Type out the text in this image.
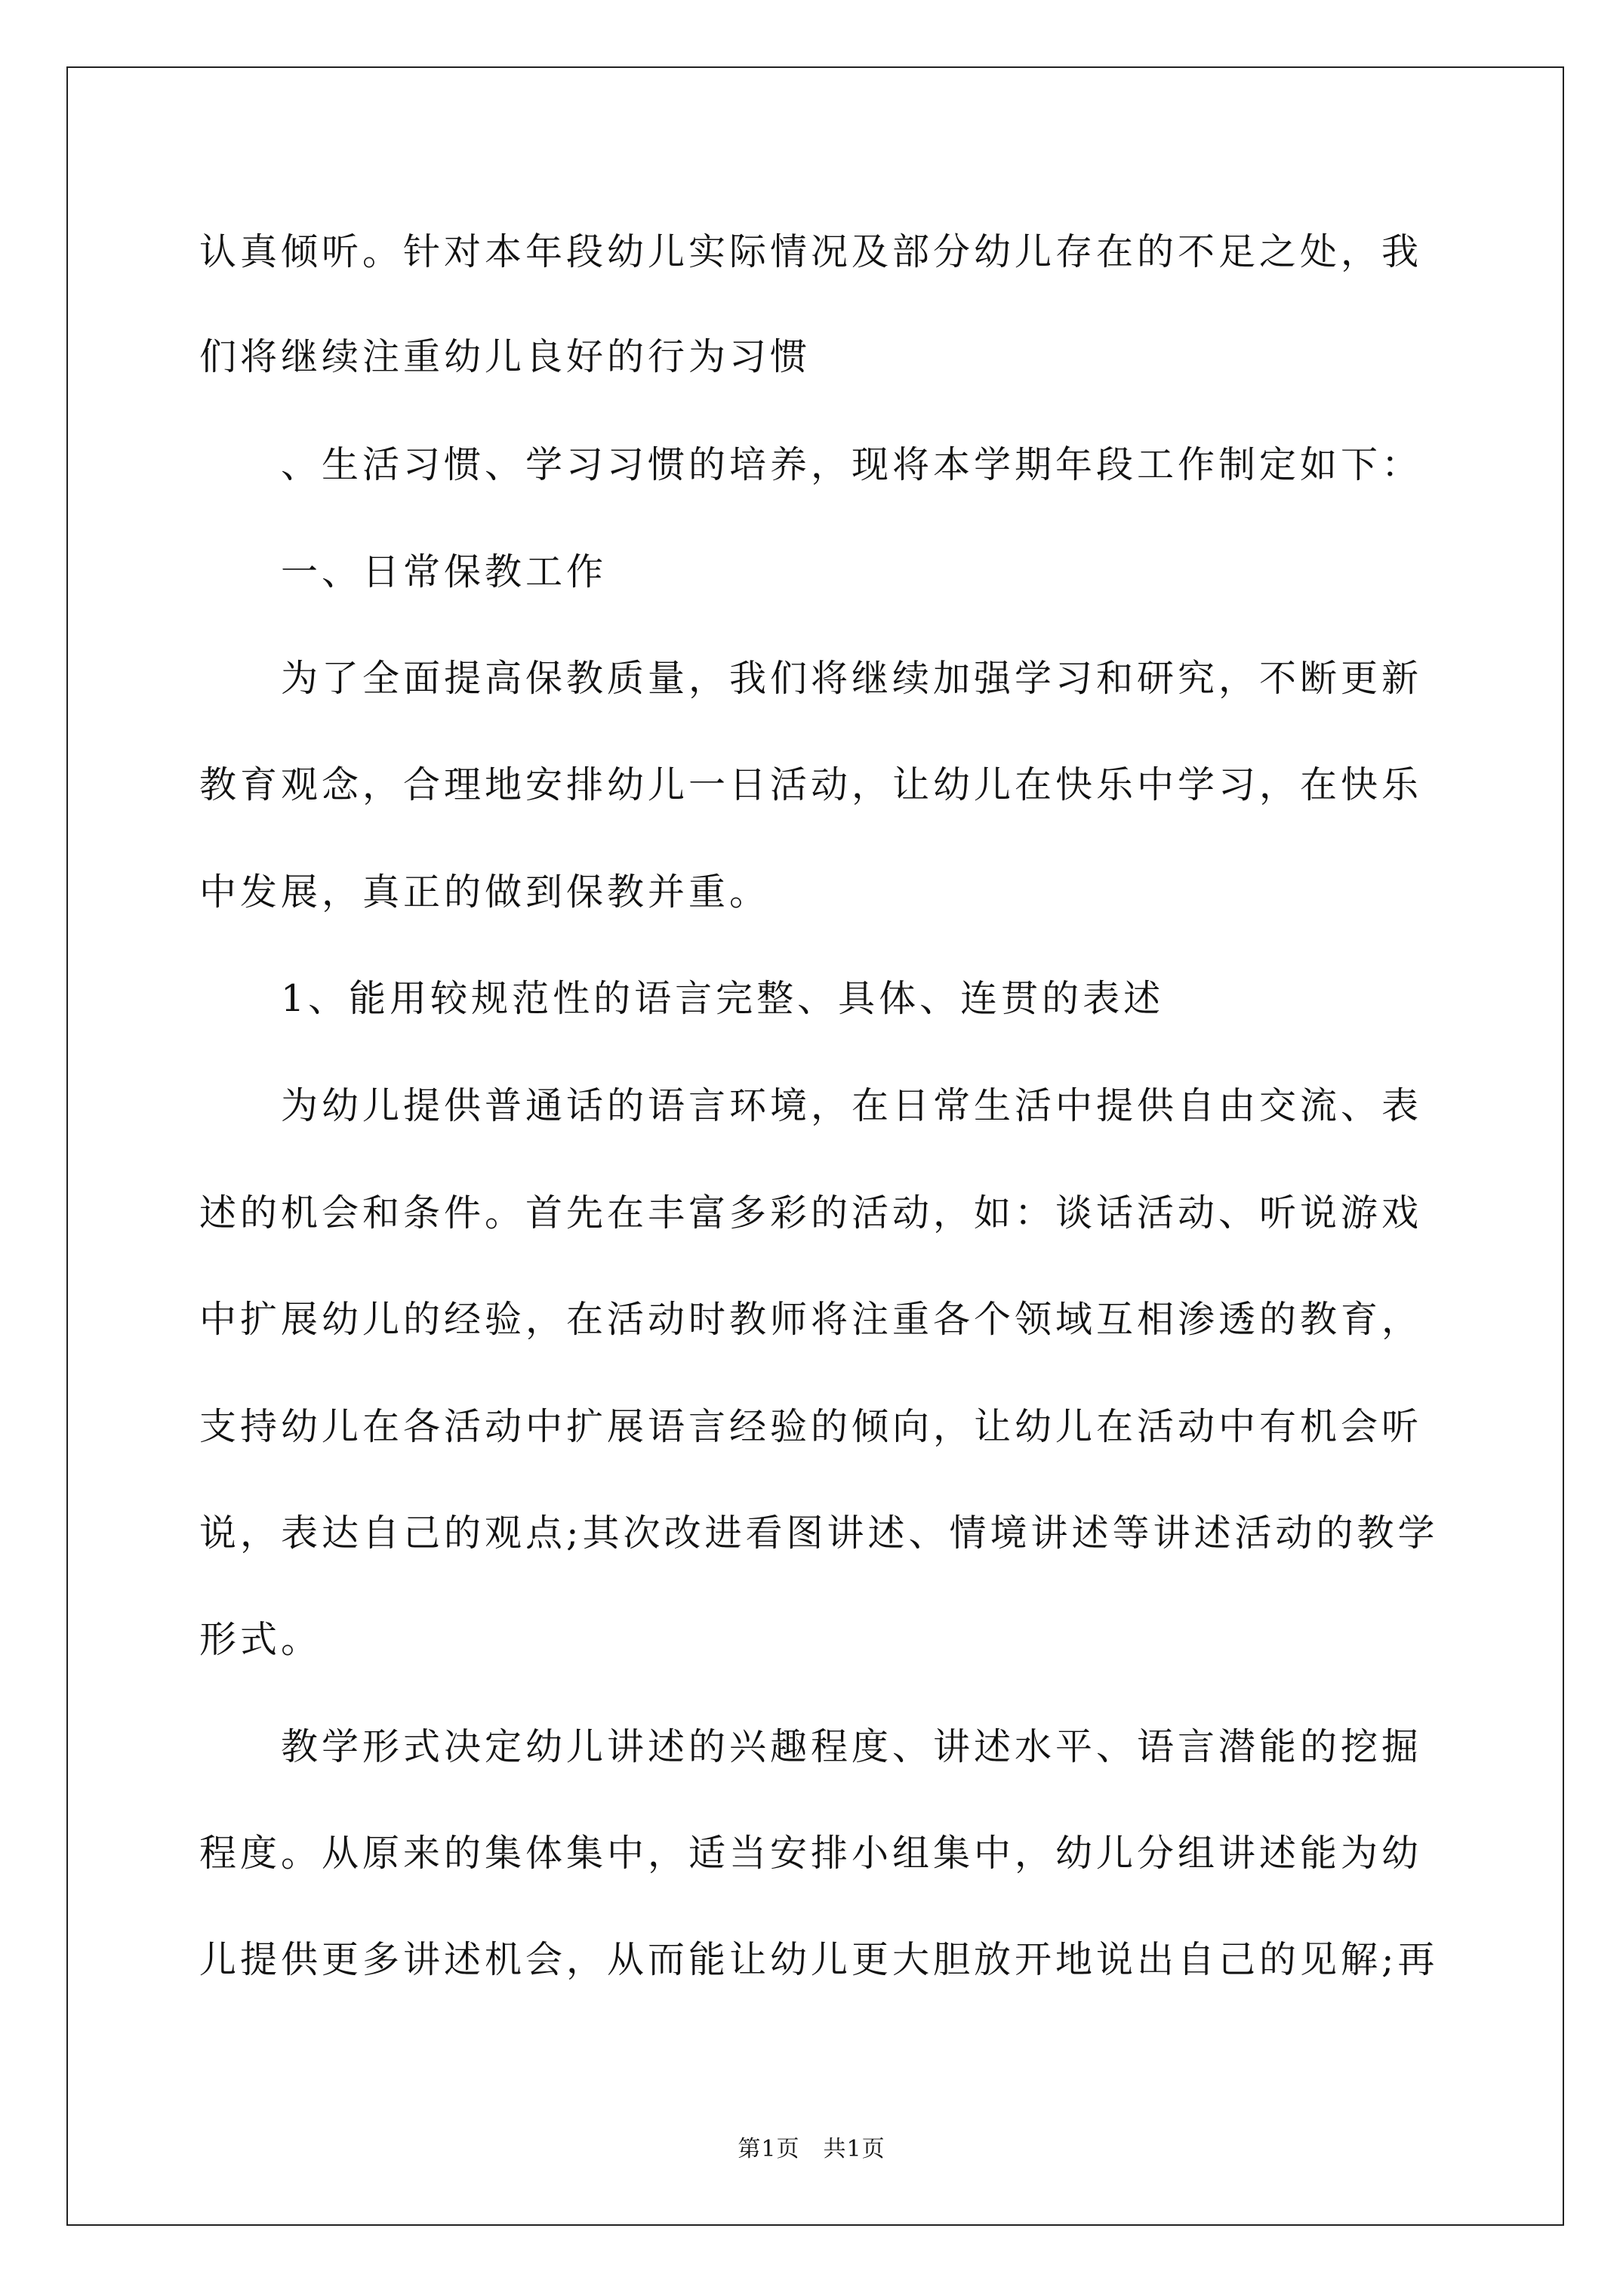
认真倾听。针对本年段幼儿实际情况及部分幼儿存在的不足之处，我
们将继续注重幼儿良好的行为习惯
、生活习惯、学习习惯的培养，现将本学期年段工作制定如下：
一、日常保教工作
为了全面提高保教质量，我们将继续加强学习和研究，不断更新
教育观念，合理地安排幼儿一日活动，让幼儿在快乐中学习，在快乐
中发展，真正的做到保教并重。
1、能用较规范性的语言完整、具体、连贯的表述
为幼儿提供普通话的语言环境，在日常生活中提供自由交流、表
述的机会和条件。首先在丰富多彩的活动，如：谈话活动、听说游戏
中扩展幼儿的经验，在活动时教师将注重各个领域互相渗透的教育，
支持幼儿在各活动中扩展语言经验的倾向，让幼儿在活动中有机会听
说，表达自己的观点;其次改进看图讲述、情境讲述等讲述活动的教学
形式。
教学形式决定幼儿讲述的兴趣程度、讲述水平、语言潜能的挖掘
程度。从原来的集体集中，适当安排小组集中，幼儿分组讲述能为幼
儿提供更多讲述机会，从而能让幼儿更大胆放开地说出自己的见解;再
第1页　共1页
